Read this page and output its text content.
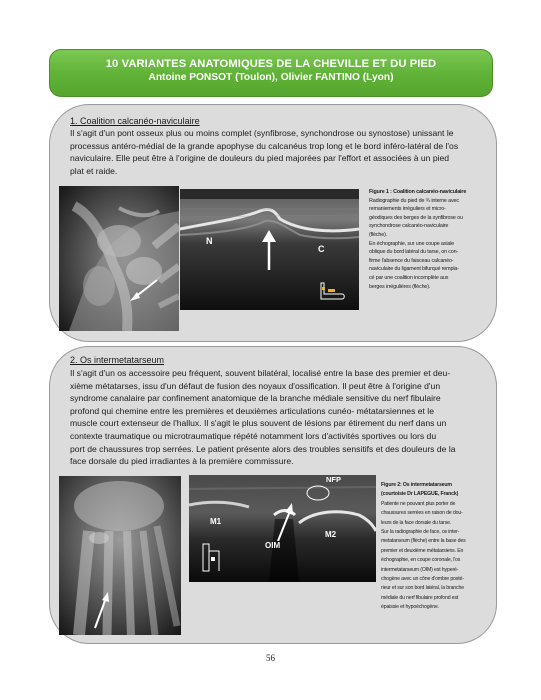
10 VARIANTES ANATOMIQUES DE LA CHEVILLE ET DU PIED
Antoine PONSOT (Toulon), Olivier FANTINO (Lyon)
1. Coalition calcanéo-naviculaire
Il s'agit d'un pont osseux plus ou moins complet (synfibrose, synchondrose ou synostose) unissant le
processus antéro-médial de la grande apophyse du calcanéus trop long et le bord inféro-latéral de l'os
naviculaire. Elle peut être à l'origine de douleurs du pied majorées par l'effort et associées à un pied
plat et raide.
N
C
Figure 1 : Coalition calcanéo-naviculaire
Radiographie du pied de ¾ interne avec
remaniements irréguliers et micro-
géodiques des berges de la synfibrose ou
synchondrose calcanéo-naviculaire
(flèche).
En échographie, sur une coupe axiale
oblique du bord latéral du tarse, on con-
firme l'absence du faisceau calcanéo-
naviculaire du ligament bifurqué rempla-
cé par une coalition incomplète aux
berges irrégulières (flèche).
2. Os intermetatarseum
Il s'agit d'un os accessoire peu fréquent, souvent bilatéral, localisé entre la base des premier et deu-
xième métatarses, issu d'un défaut de fusion des noyaux d'ossification. Il peut être à l'origine d'un
syndrome canalaire par confinement anatomique de la branche médiale sensitive du nerf fibulaire
profond qui chemine entre les premières et deuxièmes articulations cunéo- métatarsiennes et le
muscle court extenseur de l'hallux. Il s'agit le plus souvent de lésions par étirement du nerf dans un
contexte traumatique ou microtraumatique répété notamment lors d'activités sportives ou lors du
port de chaussures trop serrées. Le patient présente alors des troubles sensitifs et des douleurs de la
face dorsale du pied irradiantes à la première commissure.
NFP
M1
M2
OIM
Figure 2: Os intermetatarseum
(courtoisie Dr LAPEGUE, Franck)
Patiente ne pouvant plus porter de
chaussures serrées en raison de dou-
leurs de la face dorsale du tarse.
Sur la radiographie de face, os inter-
metatarseum (flèche) entre la base des
premier et deuxième métatarsiens. En
échographie, en coupe coronale, l'os
intermetatarseum (OIM) est hyperé-
chogène avec un cône d'ombre posté-
rieur et sur son bord latéral, la branche
médiale du nerf fibulaire profond est
épaissie et hypoéchogène.
56
